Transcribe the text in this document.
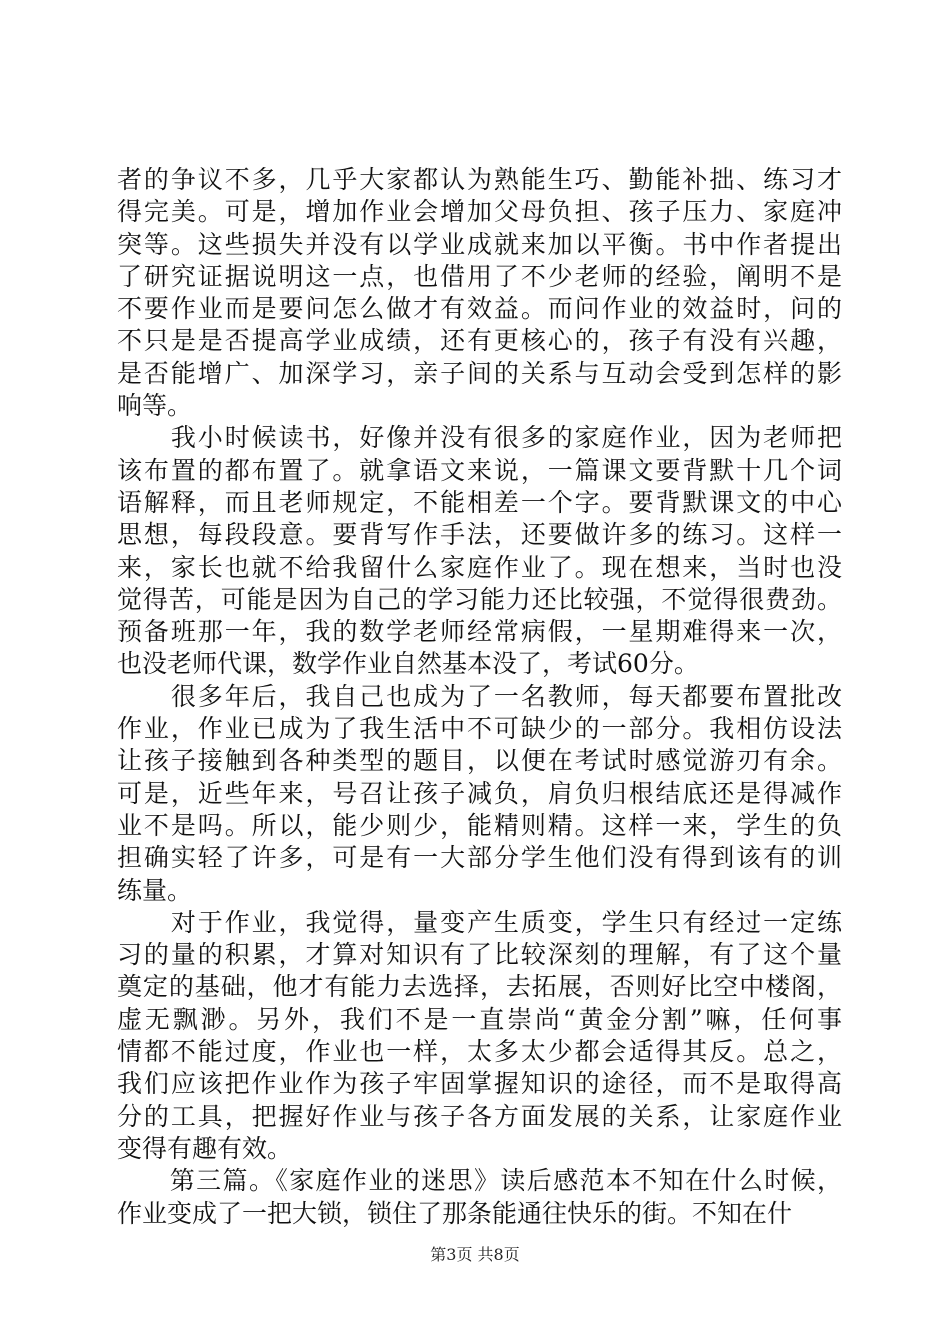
者的争议不多，几乎大家都认为熟能生巧、勤能补拙、练习才
得完美。可是，增加作业会增加父母负担、孩子压力、家庭冲
突等。这些损失并没有以学业成就来加以平衡。书中作者提出
了研究证据说明这一点，也借用了不少老师的经验，阐明不是
不要作业而是要问怎么做才有效益。而问作业的效益时，问的
不只是是否提高学业成绩，还有更核心的，孩子有没有兴趣，
是否能增广、加深学习，亲子间的关系与互动会受到怎样的影
响等。
　　我小时候读书，好像并没有很多的家庭作业，因为老师把
该布置的都布置了。就拿语文来说，一篇课文要背默十几个词
语解释，而且老师规定，不能相差一个字。要背默课文的中心
思想，每段段意。要背写作手法，还要做许多的练习。这样一
来，家长也就不给我留什么家庭作业了。现在想来，当时也没
觉得苦，可能是因为自己的学习能力还比较强，不觉得很费劲。
预备班那一年，我的数学老师经常病假，一星期难得来一次，
也没老师代课，数学作业自然基本没了，考试60分。
　　很多年后，我自己也成为了一名教师，每天都要布置批改
作业，作业已成为了我生活中不可缺少的一部分。我相仿设法
让孩子接触到各种类型的题目，以便在考试时感觉游刃有余。
可是，近些年来，号召让孩子减负，肩负归根结底还是得减作
业不是吗。所以，能少则少，能精则精。这样一来，学生的负
担确实轻了许多，可是有一大部分学生他们没有得到该有的训
练量。
　　对于作业，我觉得，量变产生质变，学生只有经过一定练
习的量的积累，才算对知识有了比较深刻的理解，有了这个量
奠定的基础，他才有能力去选择，去拓展，否则好比空中楼阁，
虚无飘渺。另外，我们不是一直崇尚“黄金分割”嘛，任何事
情都不能过度，作业也一样，太多太少都会适得其反。总之，
我们应该把作业作为孩子牢固掌握知识的途径，而不是取得高
分的工具，把握好作业与孩子各方面发展的关系，让家庭作业
变得有趣有效。
　　第三篇。《家庭作业的迷思》读后感范本不知在什么时候，
作业变成了一把大锁，锁住了那条能通往快乐的街。不知在什
第3页 共8页
